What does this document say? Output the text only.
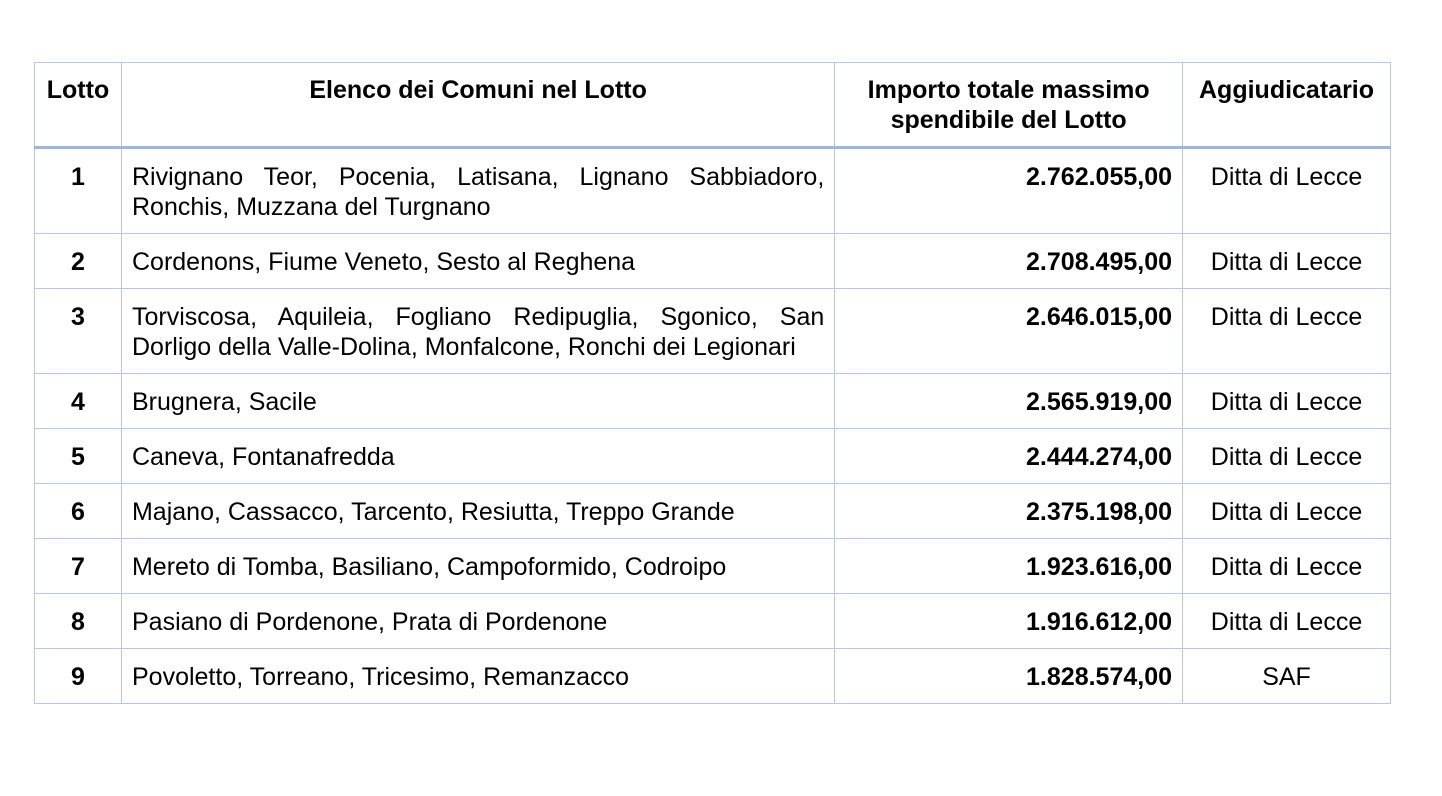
Lotto	Elenco dei Comuni nel Lotto	Importo totale massimo spendibile del Lotto	Aggiudicatario
1	Rivignano Teor, Pocenia, Latisana, Lignano Sabbiadoro, Ronchis, Muzzana del Turgnano	2.762.055,00	Ditta di Lecce
2	Cordenons, Fiume Veneto, Sesto al Reghena	2.708.495,00	Ditta di Lecce
3	Torviscosa, Aquileia, Fogliano Redipuglia, Sgonico, San Dorligo della Valle-Dolina, Monfalcone, Ronchi dei Legionari	2.646.015,00	Ditta di Lecce
4	Brugnera, Sacile	2.565.919,00	Ditta di Lecce
5	Caneva, Fontanafredda	2.444.274,00	Ditta di Lecce
6	Majano, Cassacco, Tarcento, Resiutta, Treppo Grande	2.375.198,00	Ditta di Lecce
7	Mereto di Tomba, Basiliano, Campoformido, Codroipo	1.923.616,00	Ditta di Lecce
8	Pasiano di Pordenone, Prata di Pordenone	1.916.612,00	Ditta di Lecce
9	Povoletto, Torreano, Tricesimo, Remanzacco	1.828.574,00	SAF
